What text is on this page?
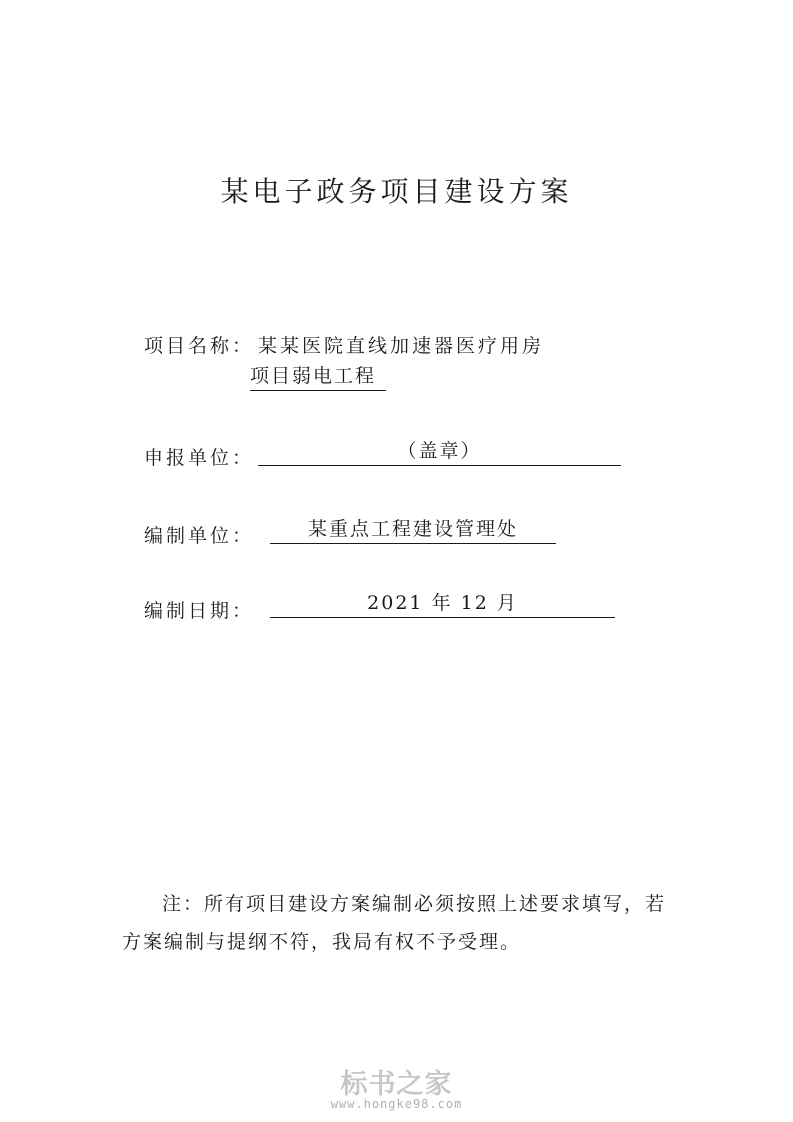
某电子政务项目建设方案
项目名称： 某某医院直线加速器医疗用房
项目弱电工程
申报单位：	（盖章）
编制单位：	某重点工程建设管理处
编制日期：	2021 年 12 月
注：所有项目建设方案编制必须按照上述要求填写，若方案编制与提纲不符，我局有权不予受理。
标书之家
www.hongke98.com
